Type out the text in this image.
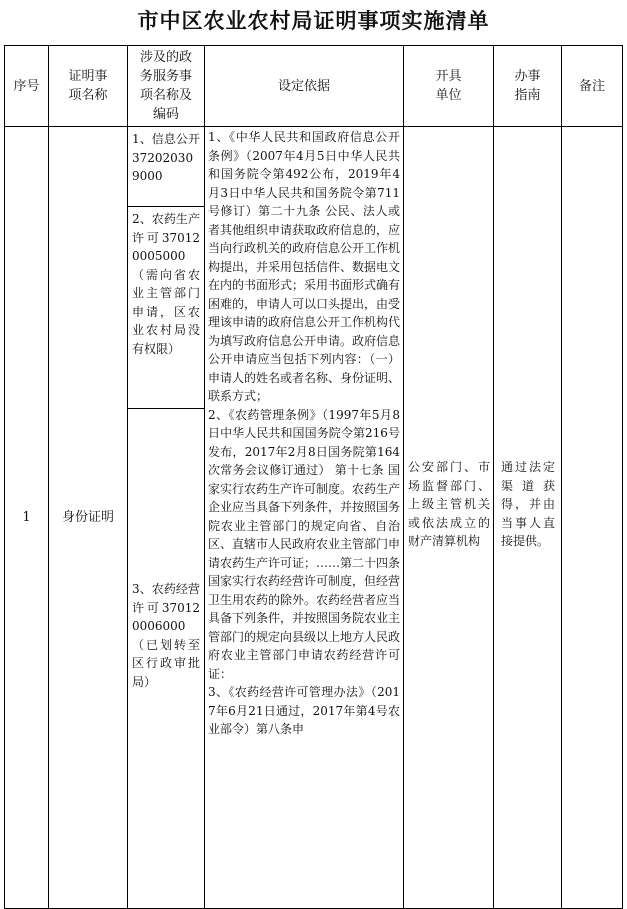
市中区农业农村局证明事项实施清单
序号
证明事项名称
涉及的政务服务事项名称及编码
设定依据
开具单位
办事指南
备注
1	身份证明
1、信息公开372020309000
2、农药生产许可370120005000（需向省农业主管部门申请，区农业农村局没有权限）
3、农药经营许可370120006000（已划转至区行政审批局）
1、《中华人民共和国政府信息公开条例》（2007年4月5日中华人民共和国务院令第492公布，2019年4月3日中华人民共和国务院令第711号修订）第二十九条 公民、法人或者其他组织申请获取政府信息的，应当向行政机关的政府信息公开工作机构提出，并采用包括信件、数据电文在内的书面形式；采用书面形式确有困难的，申请人可以口头提出，由受理该申请的政府信息公开工作机构代为填写政府信息公开申请。政府信息公开申请应当包括下列内容：（一）申请人的姓名或者名称、身份证明、联系方式；
2、《农药管理条例》（1997年5月8日中华人民共和国国务院令第216号发布，2017年2月8日国务院第164次常务会议修订通过） 第十七条 国家实行农药生产许可制度。农药生产企业应当具备下列条件，并按照国务院农业主管部门的规定向省、自治区、直辖市人民政府农业主管部门申请农药生产许可证；……第二十四条国家实行农药经营许可制度，但经营卫生用农药的除外。农药经营者应当具备下列条件，并按照国务院农业主管部门的规定向县级以上地方人民政府农业主管部门申请农药经营许可证：
3、《农药经营许可管理办法》（2017年6月21日通过，2017年第4号农业部令）第八条申
公安部门、市场监督部门、上级主管机关或依法成立的财产清算机构
通过法定渠道获得，并由当事人直接提供。
